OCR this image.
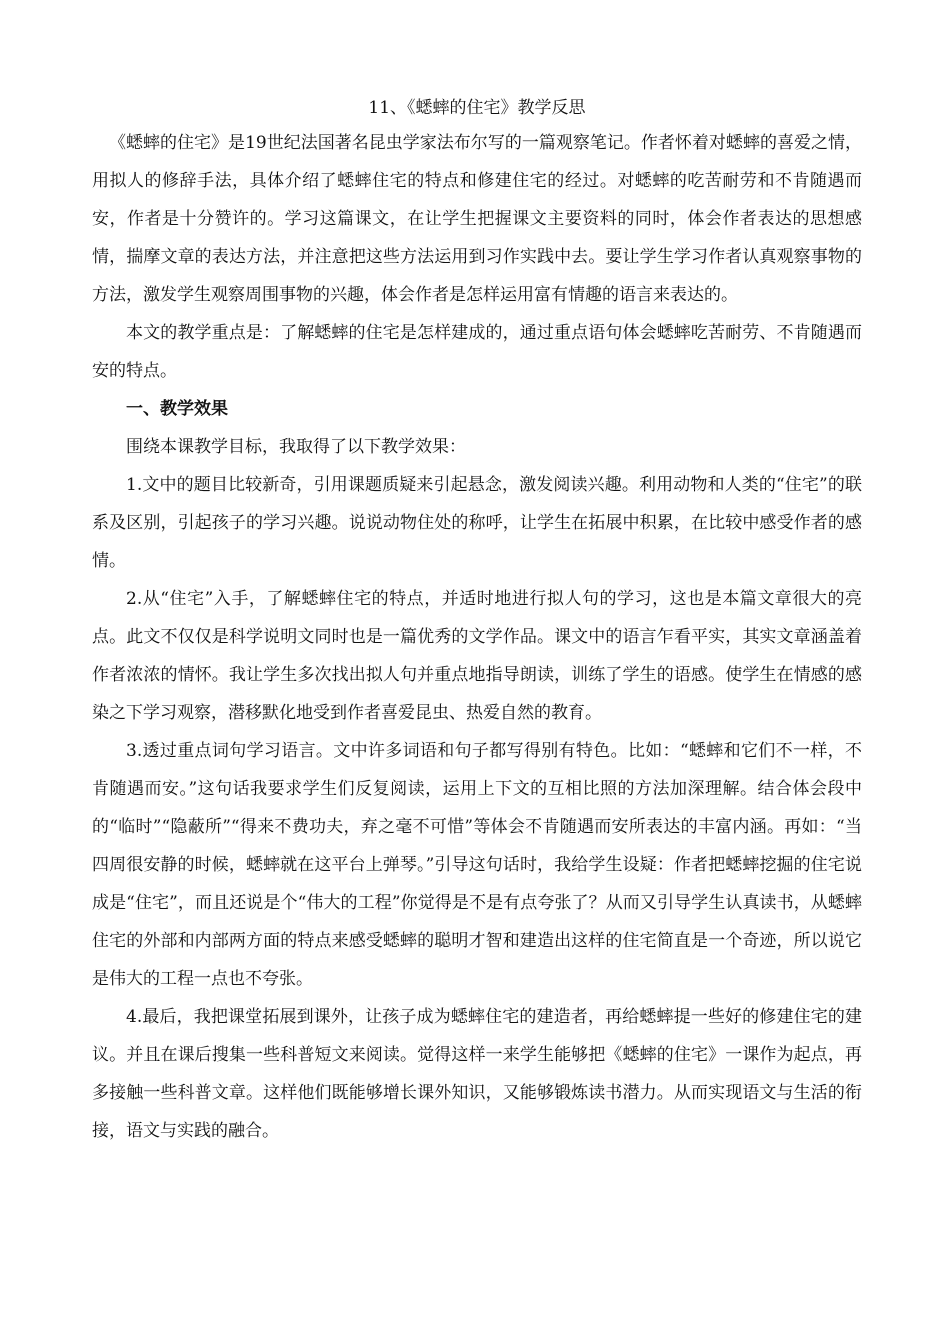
11、《蟋蟀的住宅》教学反思

《蟋蟀的住宅》是19世纪法国著名昆虫学家法布尔写的一篇观察笔记。作者怀着对蟋蟀的喜爱之情，用拟人的修辞手法，具体介绍了蟋蟀住宅的特点和修建住宅的经过。对蟋蟀的吃苦耐劳和不肯随遇而安，作者是十分赞许的。学习这篇课文，在让学生把握课文主要资料的同时，体会作者表达的思想感情，揣摩文章的表达方法，并注意把这些方法运用到习作实践中去。要让学生学习作者认真观察事物的方法，激发学生观察周围事物的兴趣，体会作者是怎样运用富有情趣的语言来表达的。

本文的教学重点是：了解蟋蟀的住宅是怎样建成的，通过重点语句体会蟋蟀吃苦耐劳、不肯随遇而安的特点。

一、教学效果

围绕本课教学目标，我取得了以下教学效果：

1.文中的题目比较新奇，引用课题质疑来引起悬念，激发阅读兴趣。利用动物和人类的“住宅”的联系及区别，引起孩子的学习兴趣。说说动物住处的称呼，让学生在拓展中积累，在比较中感受作者的感情。

2.从“住宅”入手，了解蟋蟀住宅的特点，并适时地进行拟人句的学习，这也是本篇文章很大的亮点。此文不仅仅是科学说明文同时也是一篇优秀的文学作品。课文中的语言乍看平实，其实文章涵盖着作者浓浓的情怀。我让学生多次找出拟人句并重点地指导朗读，训练了学生的语感。使学生在情感的感染之下学习观察，潜移默化地受到作者喜爱昆虫、热爱自然的教育。

3.透过重点词句学习语言。文中许多词语和句子都写得别有特色。比如：“蟋蟀和它们不一样，不肯随遇而安。”这句话我要求学生们反复阅读，运用上下文的互相比照的方法加深理解。结合体会段中的“临时”“隐蔽所”“得来不费功夫，弃之毫不可惜”等体会不肯随遇而安所表达的丰富内涵。再如：“当四周很安静的时候，蟋蟀就在这平台上弹琴。”引导这句话时，我给学生设疑：作者把蟋蟀挖掘的住宅说成是“住宅”，而且还说是个“伟大的工程”你觉得是不是有点夸张了？从而又引导学生认真读书，从蟋蟀住宅的外部和内部两方面的特点来感受蟋蟀的聪明才智和建造出这样的住宅简直是一个奇迹，所以说它是伟大的工程一点也不夸张。

4.最后，我把课堂拓展到课外，让孩子成为蟋蟀住宅的建造者，再给蟋蟀提一些好的修建住宅的建议。并且在课后搜集一些科普短文来阅读。觉得这样一来学生能够把《蟋蟀的住宅》一课作为起点，再多接触一些科普文章。这样他们既能够增长课外知识，又能够锻炼读书潜力。从而实现语文与生活的衔接，语文与实践的融合。
